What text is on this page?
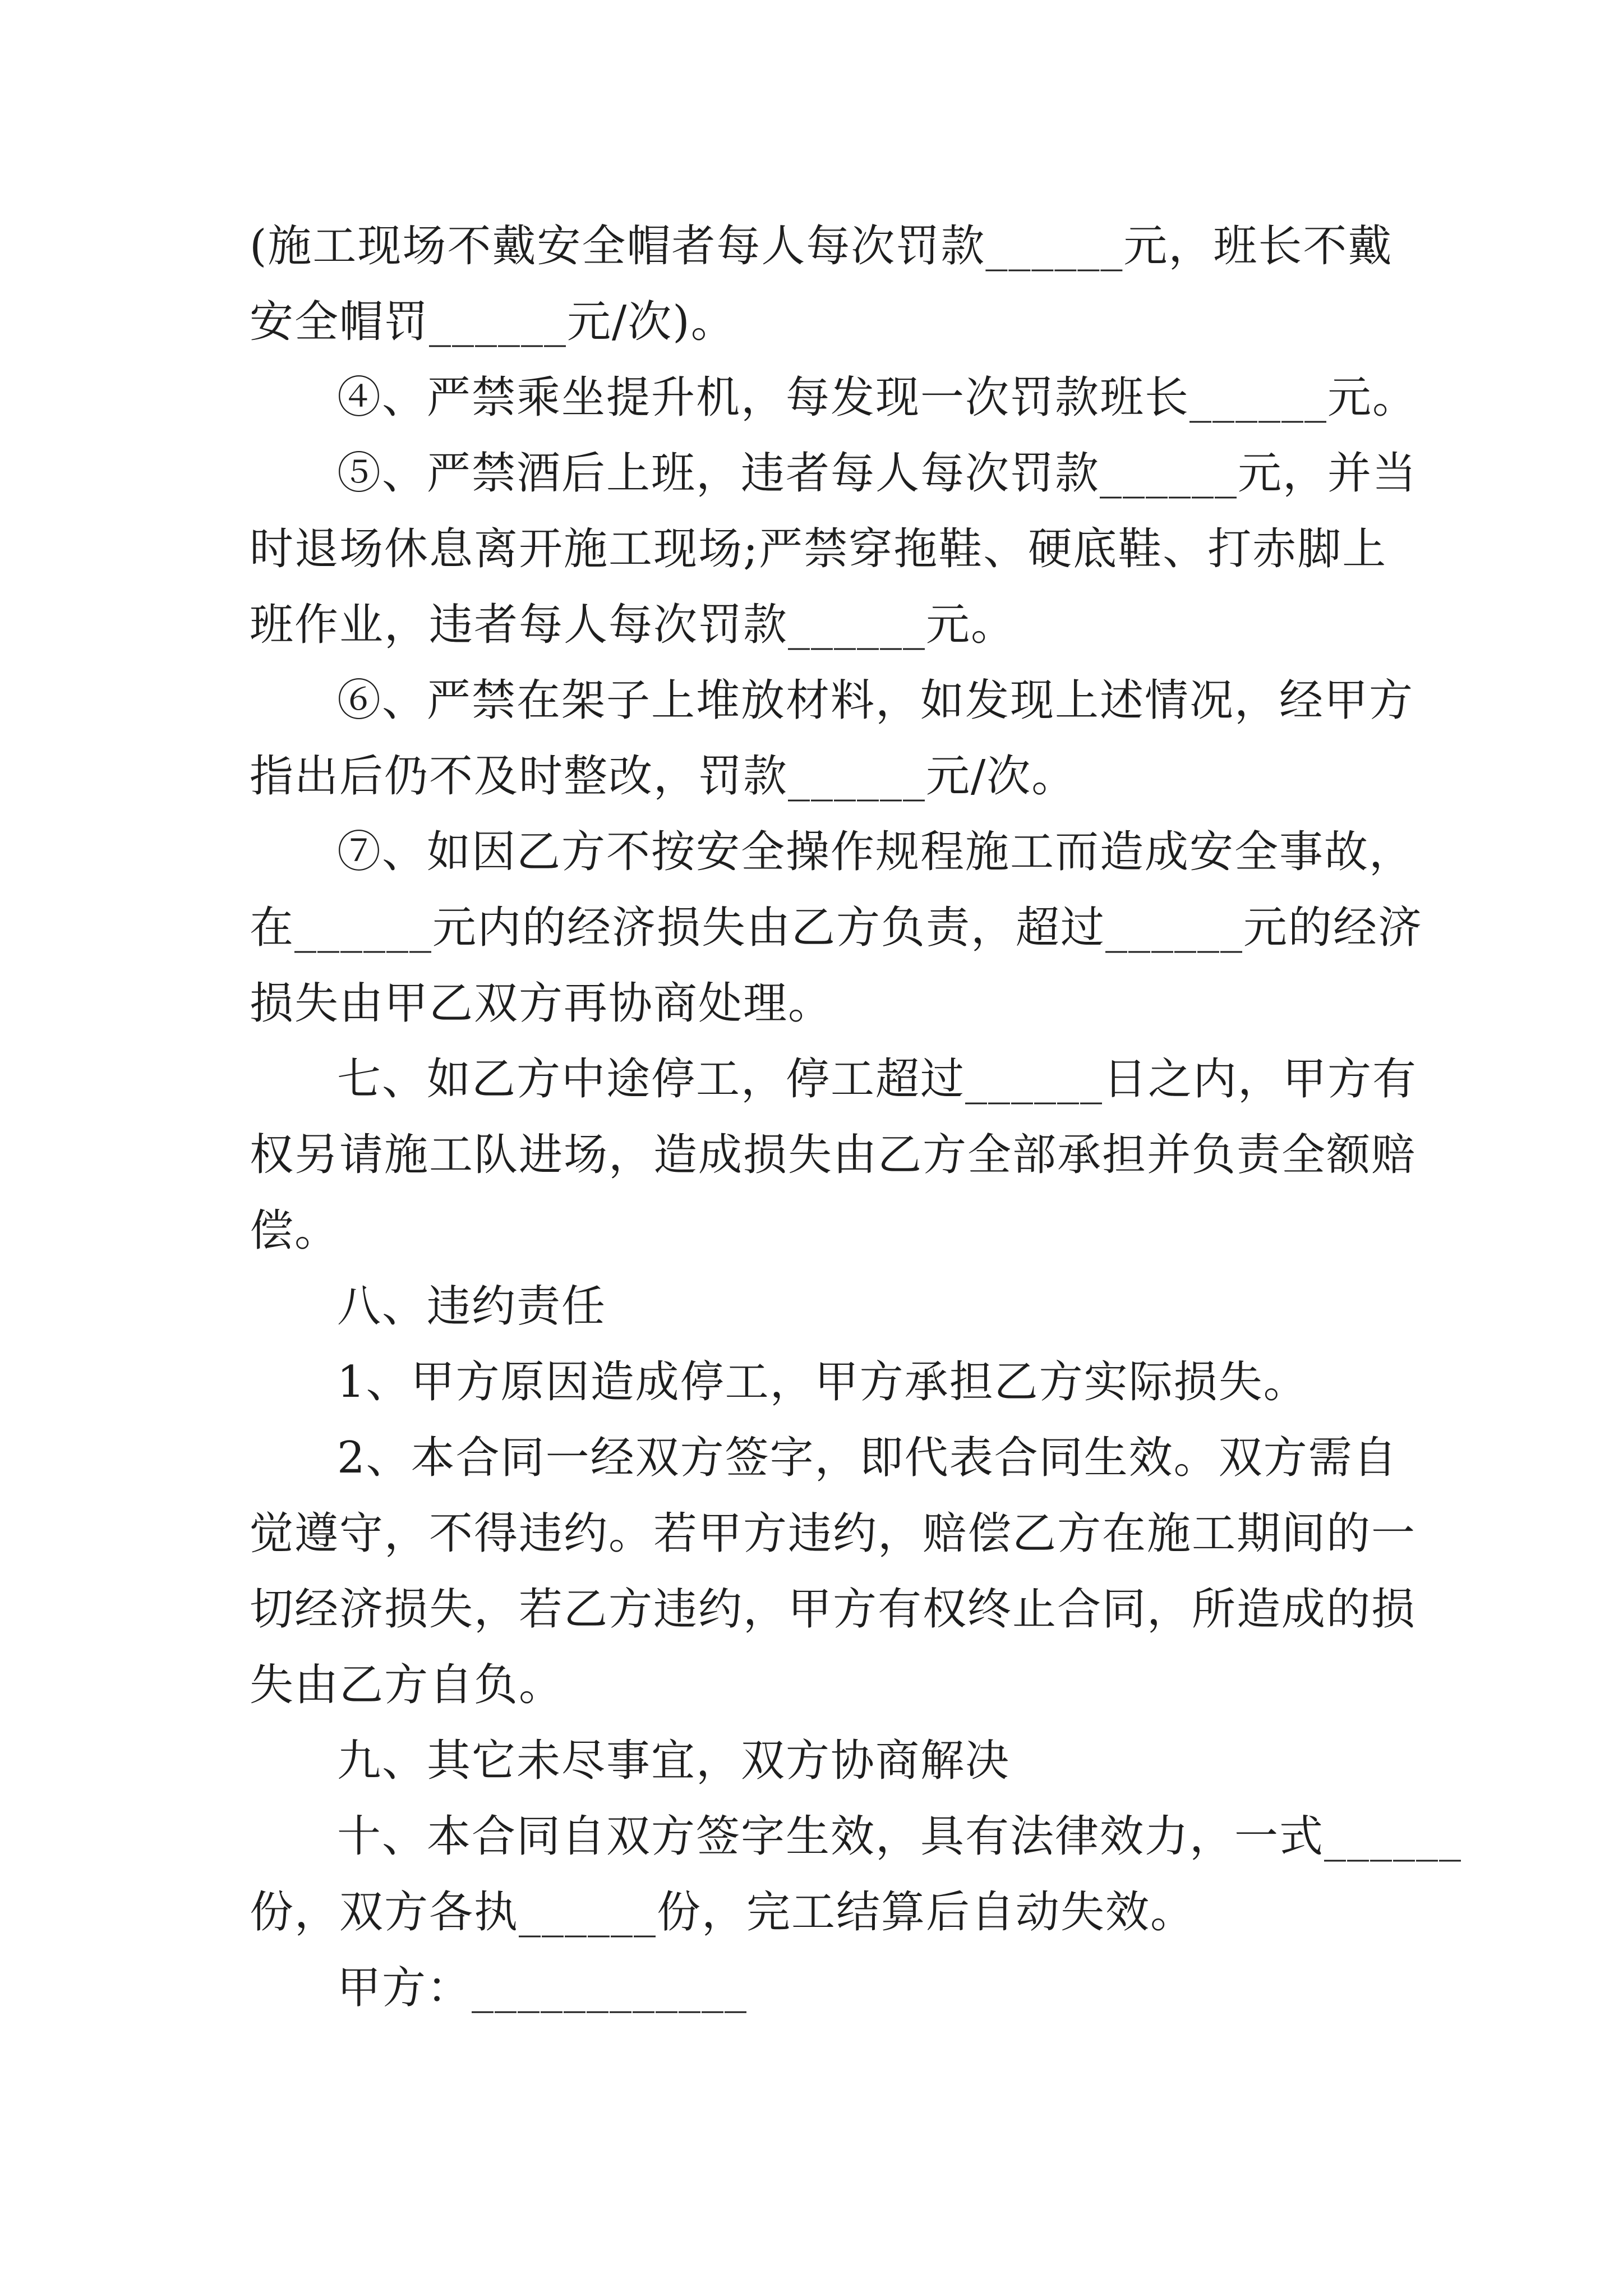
(施工现场不戴安全帽者每人每次罚款______元，班长不戴
安全帽罚______元/次)。
④、严禁乘坐提升机，每发现一次罚款班长______元。
⑤、严禁酒后上班，违者每人每次罚款______元，并当
时退场休息离开施工现场;严禁穿拖鞋、硬底鞋、打赤脚上
班作业，违者每人每次罚款______元。
⑥、严禁在架子上堆放材料，如发现上述情况，经甲方
指出后仍不及时整改，罚款______元/次。
⑦、如因乙方不按安全操作规程施工而造成安全事故，
在______元内的经济损失由乙方负责，超过______元的经济
损失由甲乙双方再协商处理。
七、如乙方中途停工，停工超过______日之内，甲方有
权另请施工队进场，造成损失由乙方全部承担并负责全额赔
偿。
八、违约责任
1、甲方原因造成停工，甲方承担乙方实际损失。
2、本合同一经双方签字，即代表合同生效。双方需自
觉遵守，不得违约。若甲方违约，赔偿乙方在施工期间的一
切经济损失，若乙方违约，甲方有权终止合同，所造成的损
失由乙方自负。
九、其它未尽事宜，双方协商解决
十、本合同自双方签字生效，具有法律效力，一式______
份，双方各执______份，完工结算后自动失效。
甲方：____________
